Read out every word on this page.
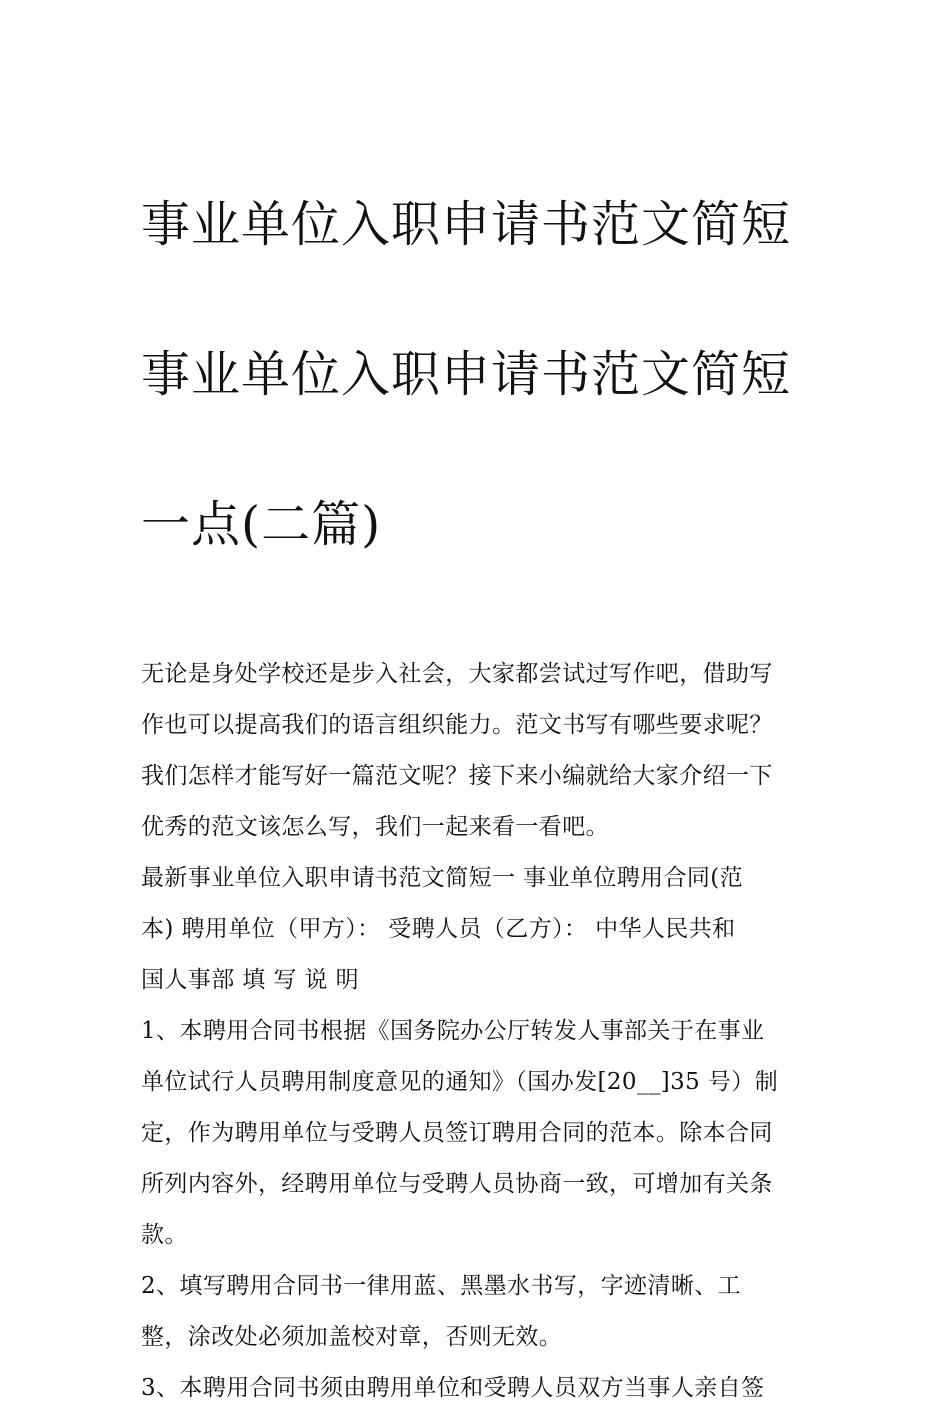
事业单位入职申请书范文简短

事业单位入职申请书范文简短

一点(二篇)

无论是身处学校还是步入社会，大家都尝试过写作吧，借助写
作也可以提高我们的语言组织能力。范文书写有哪些要求呢？
我们怎样才能写好一篇范文呢？接下来小编就给大家介绍一下
优秀的范文该怎么写，我们一起来看一看吧。

最新事业单位入职申请书范文简短一 事业单位聘用合同(范
本) 聘用单位（甲方）： 受聘人员（乙方）： 中华人民共和
国人事部 填 写 说 明

1、本聘用合同书根据《国务院办公厅转发人事部关于在事业
单位试行人员聘用制度意见的通知》（国办发[20__]35 号）制
定，作为聘用单位与受聘人员签订聘用合同的范本。除本合同
所列内容外，经聘用单位与受聘人员协商一致，可增加有关条
款。

2、填写聘用合同书一律用蓝、黑墨水书写，字迹清晰、工
整，涂改处必须加盖校对章，否则无效。

3、本聘用合同书须由聘用单位和受聘人员双方当事人亲自签
